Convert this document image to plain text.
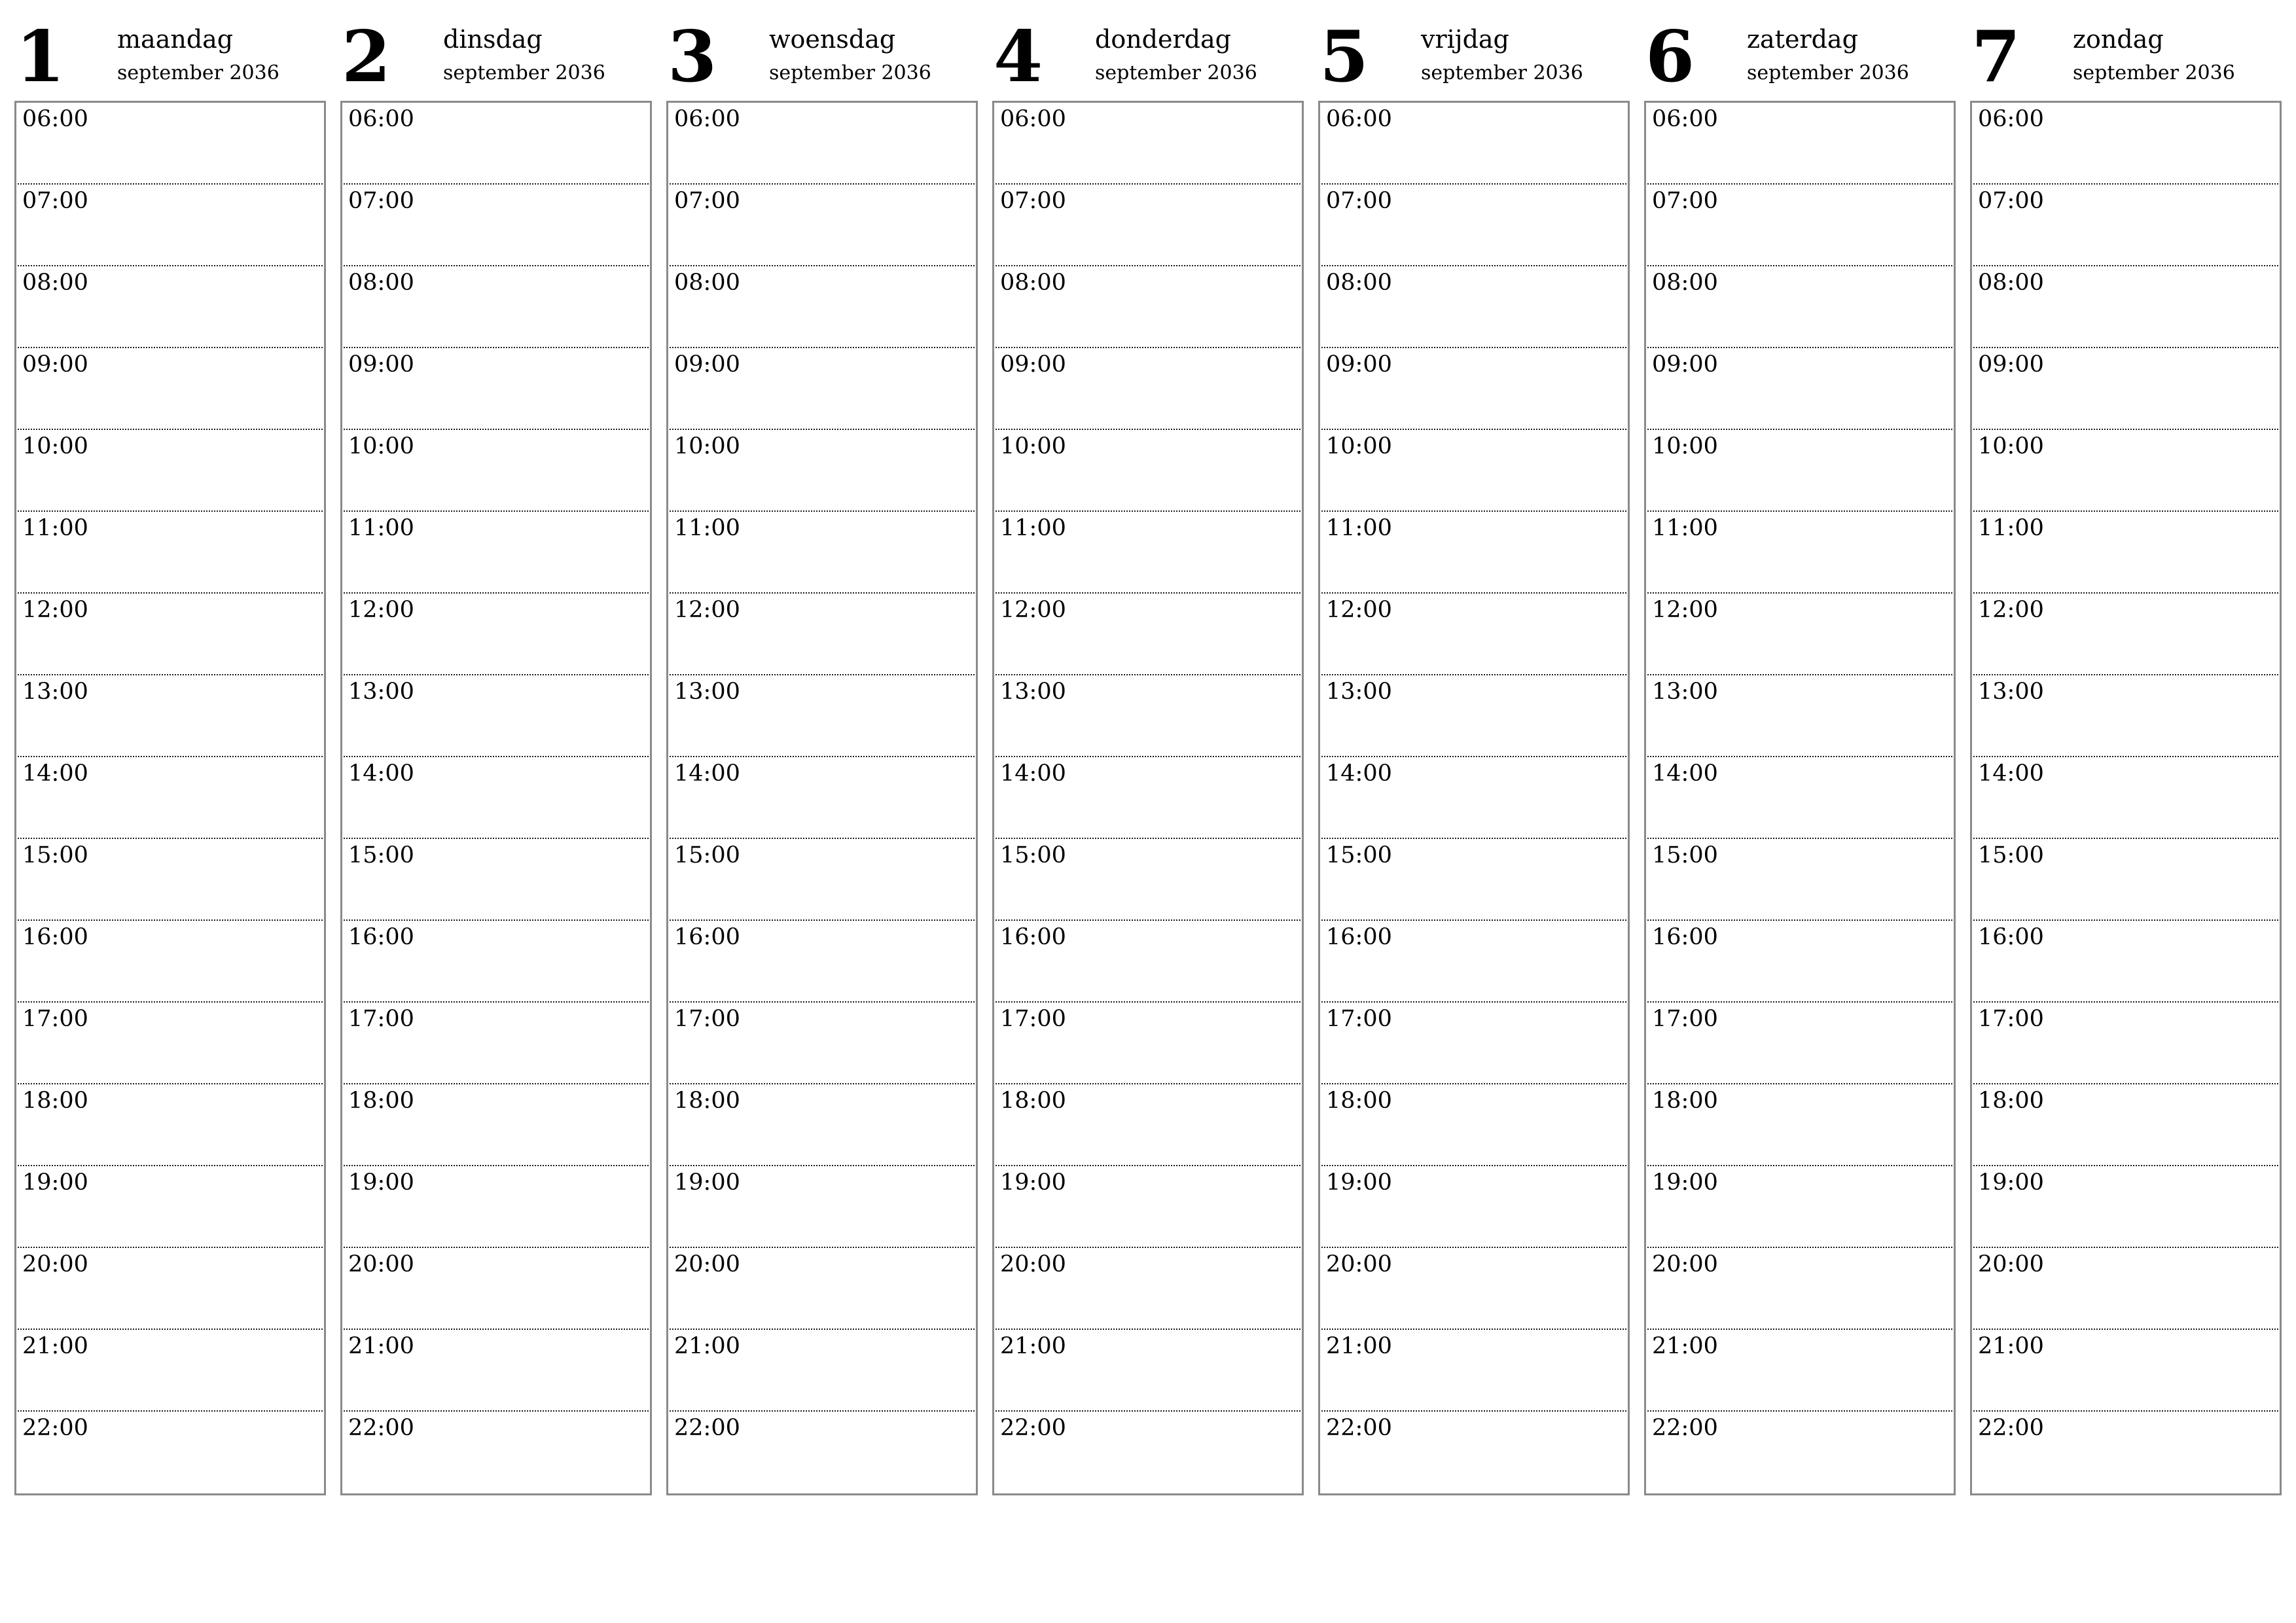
1 maandag
september 2036
06:00
07:00
08:00
09:00
10:00
11:00
12:00
13:00
14:00
15:00
16:00
17:00
18:00
19:00
20:00
21:00
22:00
2 dinsdag
september 2036
06:00
07:00
08:00
09:00
10:00
11:00
12:00
13:00
14:00
15:00
16:00
17:00
18:00
19:00
20:00
21:00
22:00
3 woensdag
september 2036
06:00
07:00
08:00
09:00
10:00
11:00
12:00
13:00
14:00
15:00
16:00
17:00
18:00
19:00
20:00
21:00
22:00
4 donderdag
september 2036
06:00
07:00
08:00
09:00
10:00
11:00
12:00
13:00
14:00
15:00
16:00
17:00
18:00
19:00
20:00
21:00
22:00
5 vrijdag
september 2036
06:00
07:00
08:00
09:00
10:00
11:00
12:00
13:00
14:00
15:00
16:00
17:00
18:00
19:00
20:00
21:00
22:00
6 zaterdag
september 2036
06:00
07:00
08:00
09:00
10:00
11:00
12:00
13:00
14:00
15:00
16:00
17:00
18:00
19:00
20:00
21:00
22:00
7 zondag
september 2036
06:00
07:00
08:00
09:00
10:00
11:00
12:00
13:00
14:00
15:00
16:00
17:00
18:00
19:00
20:00
21:00
22:00
